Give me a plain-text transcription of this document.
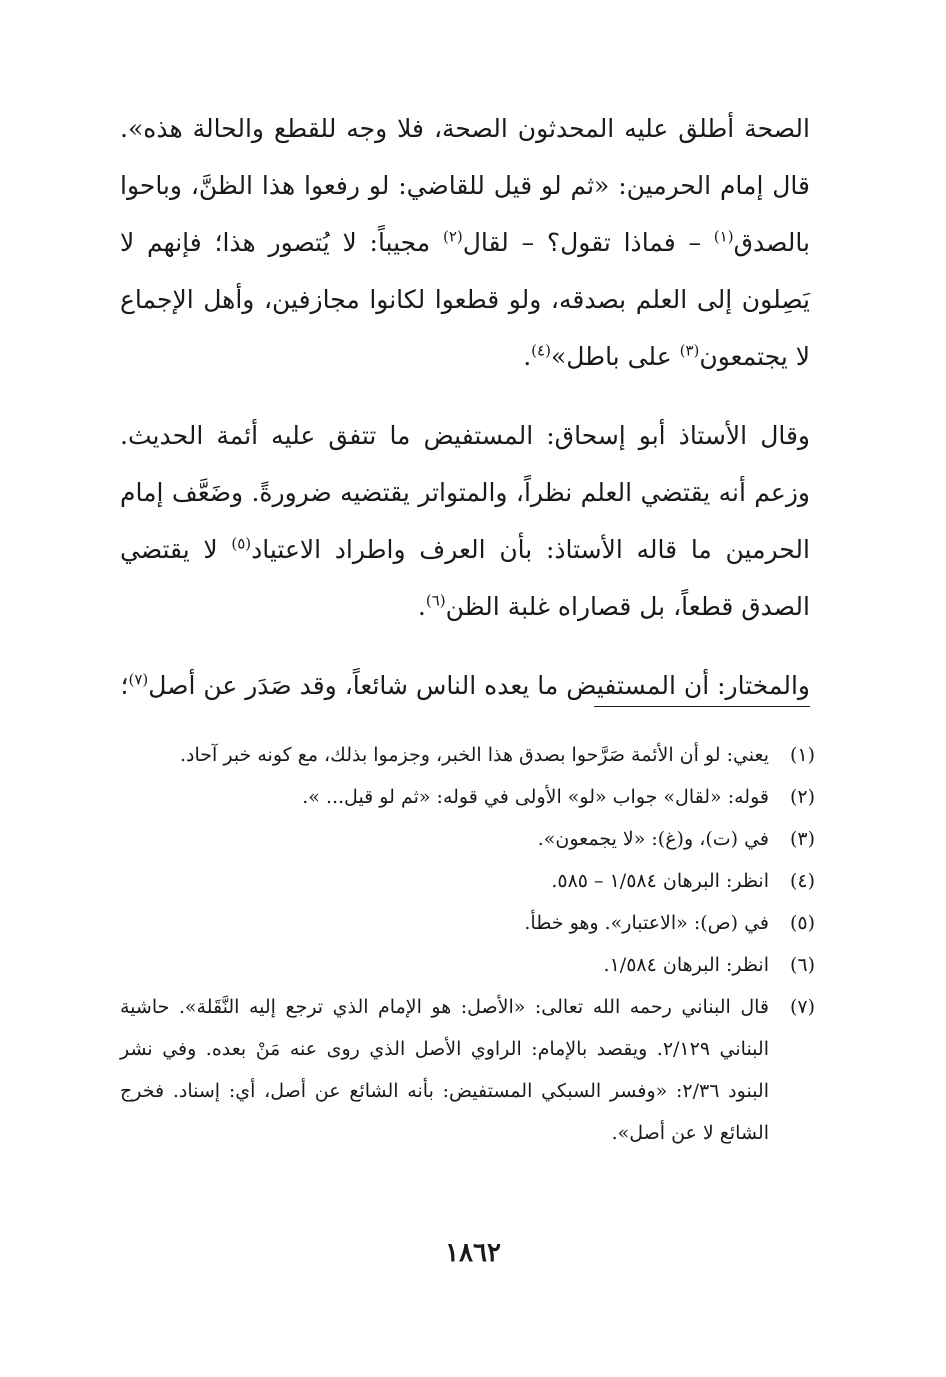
الصحة أطلق عليه المحدثون الصحة، فلا وجه للقطع والحالة هذه». قال إمام الحرمين: «ثم لو قيل للقاضي: لو رفعوا هذا الظنَّ، وباحوا بالصدق$^{(١)}$ – فماذا تقول؟ – لقال$^{(٢)}$ مجيباً: لا يُتصور هذا؛ فإنهم لا يَصِلون إلى العلم بصدقه، ولو قطعوا لكانوا مجازفين، وأهل الإجماع لا يجتمعون$^{(٣)}$ على باطل»$^{(٤)}$.

وقال الأستاذ أبو إسحاق: المستفيض ما تتفق عليه أئمة الحديث. وزعم أنه يقتضي العلم نظراً، والمتواتر يقتضيه ضرورةً. وضَعَّف إمام الحرمين ما قاله الأستاذ: بأن العرف واطراد الاعتياد$^{(٥)}$ لا يقتضي الصدق قطعاً، بل قصاراه غلبة الظن$^{(٦)}$.

والمختار: أن المستفيض ما يعده الناس شائعاً، وقد صَدَر عن أصل$^{(٧)}$؛

(١)
يعني: لو أن الأئمة صَرَّحوا بصدق هذا الخبر، وجزموا بذلك، مع كونه خبر آحاد.
(٢)
قوله: «لقال» جواب «لو» الأولى في قوله: «ثم لو قيل... ».
(٣)
في (ت)، و(غ): «لا يجمعون».
(٤)
انظر: البرهان ١/٥٨٤ – ٥٨٥.
(٥)
في (ص): «الاعتبار». وهو خطأ.
(٦)
انظر: البرهان ١/٥٨٤.
(٧)
قال البناني رحمه الله تعالى: «الأصل: هو الإمام الذي ترجع إليه النَّقَلة». حاشية البناني ٢/١٢٩. ويقصد بالإمام: الراوي الأصل الذي روى عنه مَنْ بعده. وفي نشر البنود ٢/٣٦: «وفسر السبكي المستفيض: بأنه الشائع عن أصل، أي: إسناد. فخرج الشائع لا عن أصل».
١٨٦٢
